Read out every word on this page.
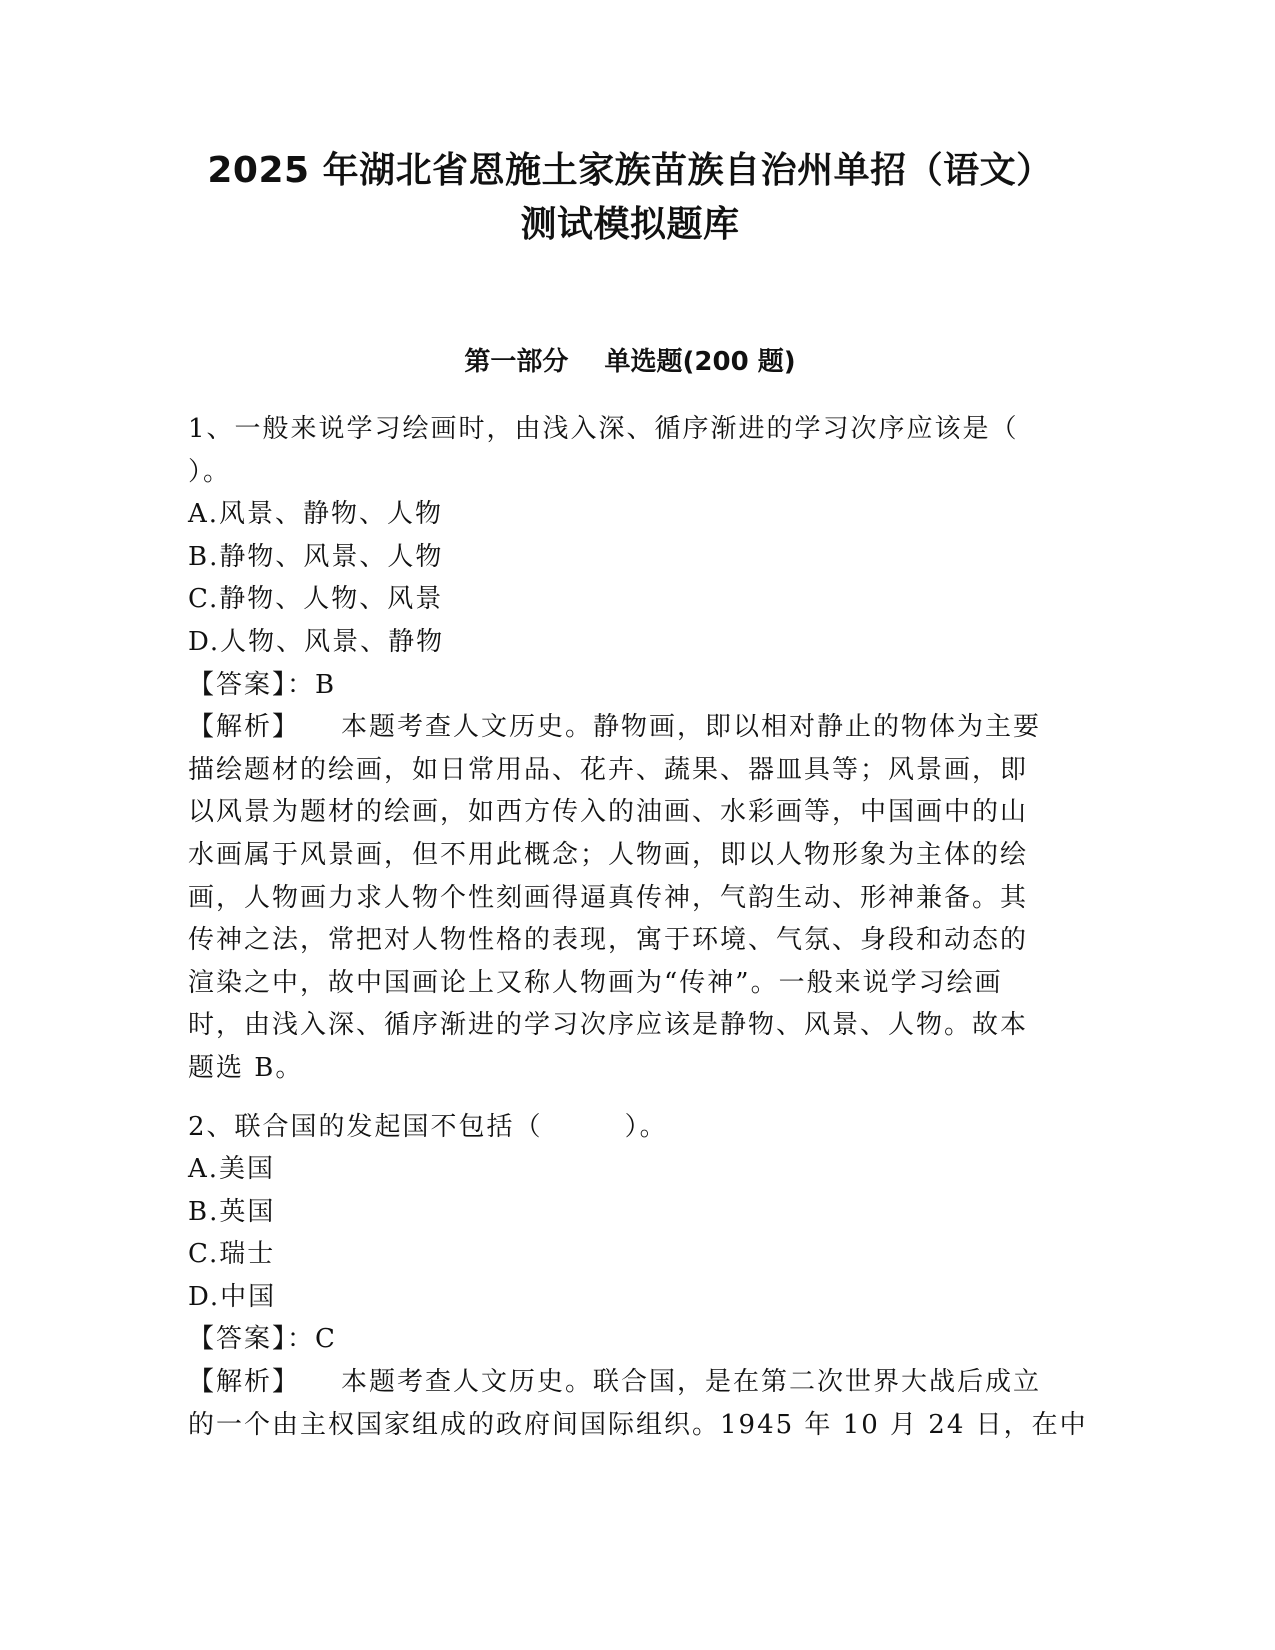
2025 年湖北省恩施土家族苗族自治州单招（语文）测试模拟题库
第一部分    单选题(200 题)
1、一般来说学习绘画时，由浅入深、循序渐进的学习次序应该是（
）。
A.风景、静物、人物
B.静物、风景、人物
C.静物、人物、风景
D.人物、风景、静物
【答案】：B
【解析】    本题考查人文历史。静物画，即以相对静止的物体为主要
描绘题材的绘画，如日常用品、花卉、蔬果、器皿具等；风景画，即
以风景为题材的绘画，如西方传入的油画、水彩画等，中国画中的山
水画属于风景画，但不用此概念；人物画，即以人物形象为主体的绘
画，人物画力求人物个性刻画得逼真传神，气韵生动、形神兼备。其
传神之法，常把对人物性格的表现，寓于环境、气氛、身段和动态的
渲染之中，故中国画论上又称人物画为“传神”。一般来说学习绘画
时，由浅入深、循序渐进的学习次序应该是静物、风景、人物。故本
题选 B。
2、联合国的发起国不包括（        ）。
A.美国
B.英国
C.瑞士
D.中国
【答案】：C
【解析】    本题考查人文历史。联合国，是在第二次世界大战后成立
的一个由主权国家组成的政府间国际组织。1945 年 10 月 24 日，在中
